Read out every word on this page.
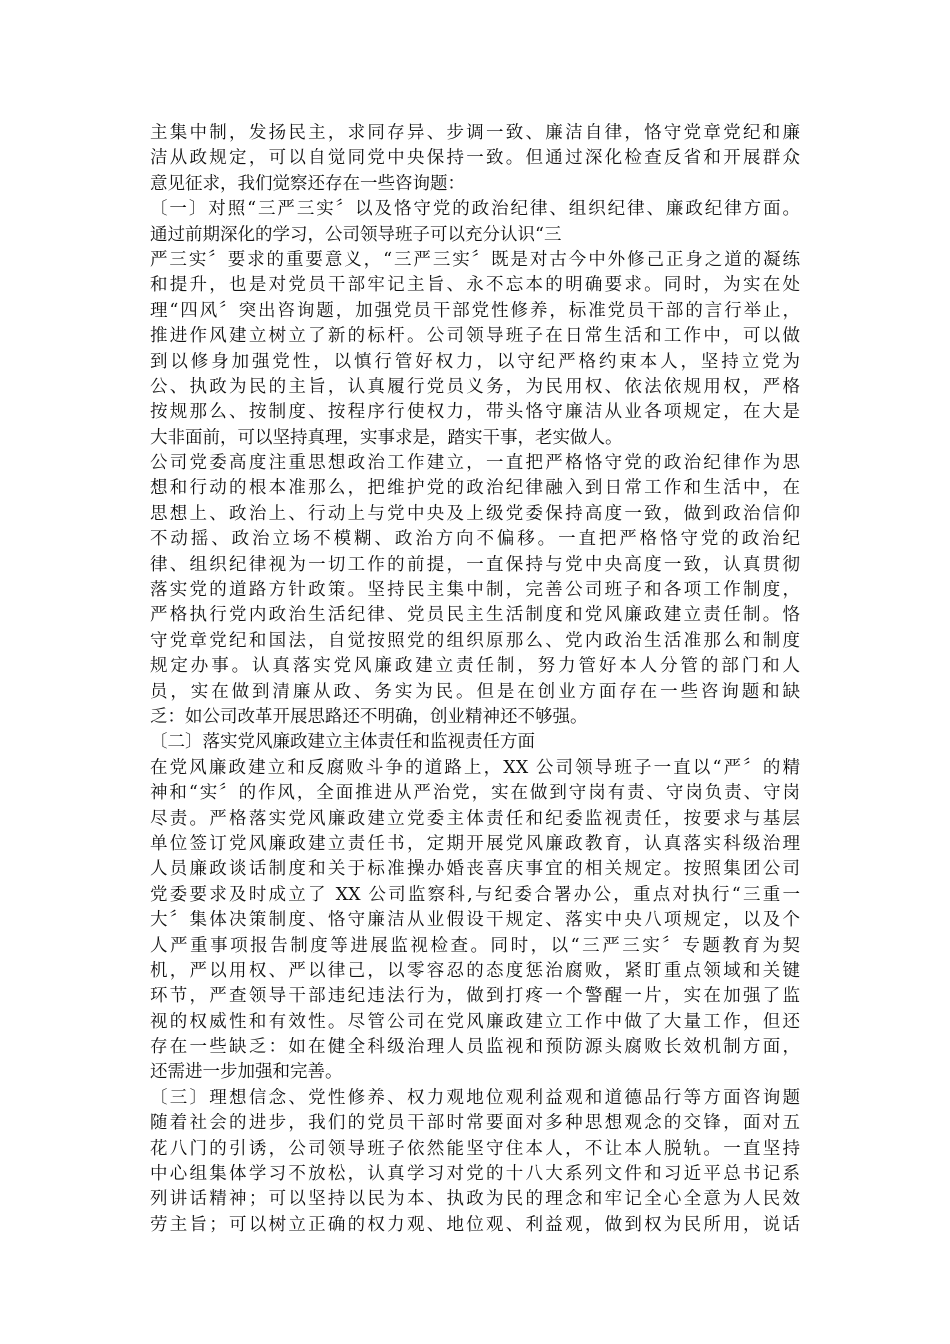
主集中制，发扬民主，求同存异、步调一致、廉洁自律，恪守党章党纪和廉
洁从政规定，可以自觉同党中央保持一致。但通过深化检查反省和开展群众
意见征求，我们觉察还存在一些咨询题：
〔一〕对照“三严三实〞以及恪守党的政治纪律、组织纪律、廉政纪律方面。
通过前期深化的学习，公司领导班子可以充分认识“三
严三实〞要求的重要意义，“三严三实〞既是对古今中外修己正身之道的凝练
和提升，也是对党员干部牢记主旨、永不忘本的明确要求。同时，为实在处
理“四风〞突出咨询题，加强党员干部党性修养，标准党员干部的言行举止，
推进作风建立树立了新的标杆。公司领导班子在日常生活和工作中，可以做
到以修身加强党性，以慎行管好权力，以守纪严格约束本人，坚持立党为
公、执政为民的主旨，认真履行党员义务，为民用权、依法依规用权，严格
按规那么、按制度、按程序行使权力，带头恪守廉洁从业各项规定，在大是
大非面前，可以坚持真理，实事求是，踏实干事，老实做人。
公司党委高度注重思想政治工作建立，一直把严格恪守党的政治纪律作为思
想和行动的根本准那么，把维护党的政治纪律融入到日常工作和生活中，在
思想上、政治上、行动上与党中央及上级党委保持高度一致，做到政治信仰
不动摇、政治立场不模糊、政治方向不偏移。一直把严格恪守党的政治纪
律、组织纪律视为一切工作的前提，一直保持与党中央高度一致，认真贯彻
落实党的道路方针政策。坚持民主集中制，完善公司班子和各项工作制度，
严格执行党内政治生活纪律、党员民主生活制度和党风廉政建立责任制。恪
守党章党纪和国法，自觉按照党的组织原那么、党内政治生活准那么和制度
规定办事。认真落实党风廉政建立责任制，努力管好本人分管的部门和人
员，实在做到清廉从政、务实为民。但是在创业方面存在一些咨询题和缺
乏：如公司改革开展思路还不明确，创业精神还不够强。
〔二〕落实党风廉政建立主体责任和监视责任方面
在党风廉政建立和反腐败斗争的道路上，XX 公司领导班子一直以“严〞的精
神和“实〞的作风，全面推进从严治党，实在做到守岗有责、守岗负责、守岗
尽责。严格落实党风廉政建立党委主体责任和纪委监视责任，按要求与基层
单位签订党风廉政建立责任书，定期开展党风廉政教育，认真落实科级治理
人员廉政谈话制度和关于标准操办婚丧喜庆事宜的相关规定。按照集团公司
党委要求及时成立了 XX 公司监察科,与纪委合署办公，重点对执行“三重一
大〞集体决策制度、恪守廉洁从业假设干规定、落实中央八项规定，以及个
人严重事项报告制度等进展监视检查。同时，以“三严三实〞专题教育为契
机，严以用权、严以律己，以零容忍的态度惩治腐败，紧盯重点领域和关键
环节，严查领导干部违纪违法行为，做到打疼一个警醒一片，实在加强了监
视的权威性和有效性。尽管公司在党风廉政建立工作中做了大量工作，但还
存在一些缺乏：如在健全科级治理人员监视和预防源头腐败长效机制方面，
还需进一步加强和完善。
〔三〕理想信念、党性修养、权力观地位观利益观和道德品行等方面咨询题
随着社会的进步，我们的党员干部时常要面对多种思想观念的交锋，面对五
花八门的引诱，公司领导班子依然能坚守住本人，不让本人脱轨。一直坚持
中心组集体学习不放松，认真学习对党的十八大系列文件和习近平总书记系
列讲话精神；可以坚持以民为本、执政为民的理念和牢记全心全意为人民效
劳主旨；可以树立正确的权力观、地位观、利益观，做到权为民所用，说话
